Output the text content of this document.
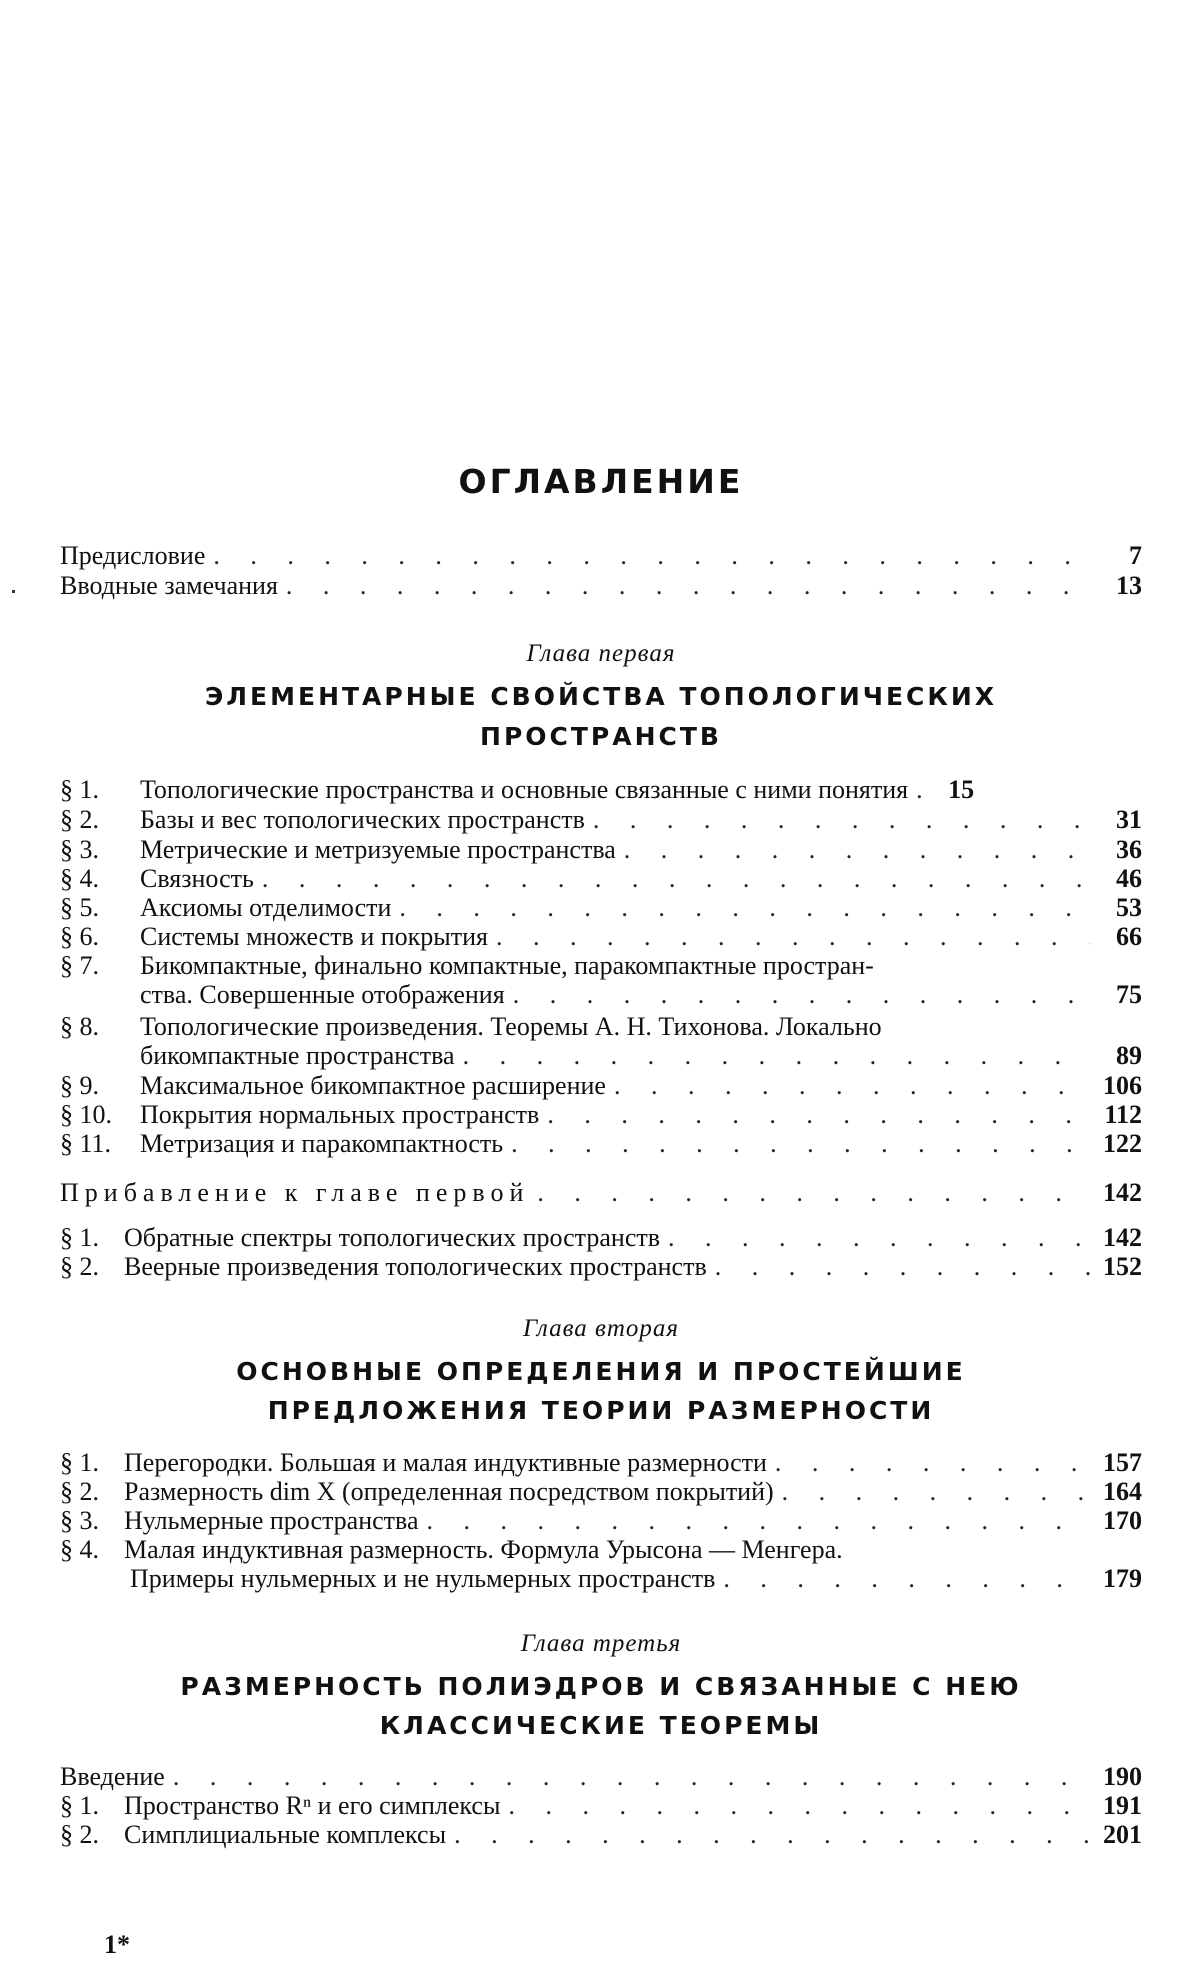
ОГЛАВЛЕНИЕ
Предисловие
. . .	7
Вводные замечания
. . .	13
Глава первая
ЭЛЕМЕНТАРНЫЕ СВОЙСТВА ТОПОЛОГИЧЕСКИХ
ПРОСТРАНСТВ
§ 1.	Топологические пространства и основные связанные с ними понятия
. . .	15
§ 2.	Базы и вес топологических пространств
. . .	31
§ 3.	Метрические и метризуемые пространства
. . .	36
§ 4.	Связность
. . .	46
§ 5.	Аксиомы отделимости
. . .	53
§ 6.	Системы множеств и покрытия
. . .	66
§ 7.	Бикомпактные, финально компактные, паракомпактные простран-
ства. Совершенные отображения
. . .	75
§ 8.	Топологические произведения. Теоремы А. Н. Тихонова. Локально
бикомпактные пространства
. . .	89
§ 9.	Максимальное бикомпактное расширение
. . .	106
§ 10.	Покрытия нормальных пространств
. . .	112
§ 11.	Метризация и паракомпактность
. . .	122
Прибавление к главе первой
. . .	142
§ 1. Обратные спектры топологических пространств
. . .	142
§ 2. Веерные произведения топологических пространств
. . .	152
Глава вторая
ОСНОВНЫЕ ОПРЕДЕЛЕНИЯ И ПРОСТЕЙШИЕ
ПРЕДЛОЖЕНИЯ ТЕОРИИ РАЗМЕРНОСТИ
§ 1. Перегородки. Большая и малая индуктивные размерности
. . .	157
§ 2. Размерность dim X (определенная посредством покрытий)
. . .	164
§ 3. Нульмерные пространства
. . .	170
§ 4. Малая индуктивная размерность. Формула Урысона — Менгера.
Примеры нульмерных и не нульмерных пространств
. . .	179
Глава третья
РАЗМЕРНОСТЬ ПОЛИЭДРОВ И СВЯЗАННЫЕ С НЕЮ
КЛАССИЧЕСКИЕ ТЕОРЕМЫ
Введение
. . .	190
§ 1. Пространство Rⁿ и его симплексы
. . .	191
§ 2. Симплициальные комплексы
. . .	201
1*
